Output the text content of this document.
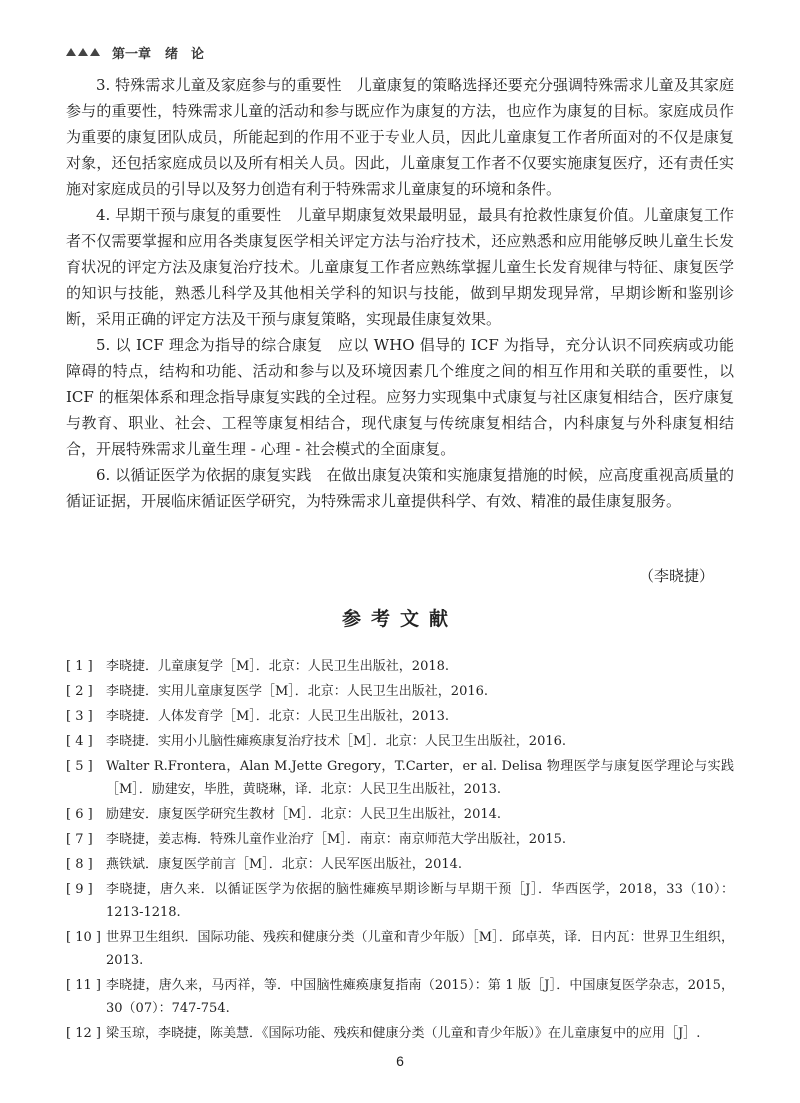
第一章 绪　论

3. 特殊需求儿童及家庭参与的重要性　儿童康复的策略选择还要充分强调特殊需求儿童及其家庭参与的重要性，特殊需求儿童的活动和参与既应作为康复的方法，也应作为康复的目标。家庭成员作为重要的康复团队成员，所能起到的作用不亚于专业人员，因此儿童康复工作者所面对的不仅是康复对象，还包括家庭成员以及所有相关人员。因此，儿童康复工作者不仅要实施康复医疗，还有责任实施对家庭成员的引导以及努力创造有利于特殊需求儿童康复的环境和条件。

4. 早期干预与康复的重要性　儿童早期康复效果最明显，最具有抢救性康复价值。儿童康复工作者不仅需要掌握和应用各类康复医学相关评定方法与治疗技术，还应熟悉和应用能够反映儿童生长发育状况的评定方法及康复治疗技术。儿童康复工作者应熟练掌握儿童生长发育规律与特征、康复医学的知识与技能，熟悉儿科学及其他相关学科的知识与技能，做到早期发现异常，早期诊断和鉴别诊断，采用正确的评定方法及干预与康复策略，实现最佳康复效果。

5. 以 ICF 理念为指导的综合康复　应以 WHO 倡导的 ICF 为指导，充分认识不同疾病或功能障碍的特点，结构和功能、活动和参与以及环境因素几个维度之间的相互作用和关联的重要性，以 ICF 的框架体系和理念指导康复实践的全过程。应努力实现集中式康复与社区康复相结合，医疗康复与教育、职业、社会、工程等康复相结合，现代康复与传统康复相结合，内科康复与外科康复相结合，开展特殊需求儿童生理 - 心理 - 社会模式的全面康复。

6. 以循证医学为依据的康复实践　在做出康复决策和实施康复措施的时候，应高度重视高质量的循证证据，开展临床循证医学研究，为特殊需求儿童提供科学、有效、精准的最佳康复服务。

（李晓捷）
参考文献
[ 1 ]	李晓捷．儿童康复学［M］．北京：人民卫生出版社，2018.
[ 2 ]	李晓捷．实用儿童康复医学［M］．北京：人民卫生出版社，2016.
[ 3 ]	李晓捷．人体发育学［M］．北京：人民卫生出版社，2013.
[ 4 ]	李晓捷．实用小儿脑性瘫痪康复治疗技术［M］．北京：人民卫生出版社，2016.
[ 5 ]	Walter R.Frontera，Alan M.Jette Gregory，T.Carter，er al. Delisa 物理医学与康复医学理论与实践［M］．励建安，毕胜，黄晓琳，译．北京：人民卫生出版社，2013.
[ 6 ]	励建安．康复医学研究生教材［M］．北京：人民卫生出版社，2014.
[ 7 ]	李晓捷，姜志梅．特殊儿童作业治疗［M］．南京：南京师范大学出版社，2015.
[ 8 ]	燕铁斌．康复医学前言［M］．北京：人民军医出版社，2014.
[ 9 ]	李晓捷，唐久来．以循证医学为依据的脑性瘫痪早期诊断与早期干预［J］．华西医学，2018，33（10）：1213-1218.
[ 10 ] 世界卫生组织．国际功能、残疾和健康分类（儿童和青少年版）［M］．邱卓英，译．日内瓦：世界卫生组织，2013.
[ 11 ] 李晓捷，唐久来，马丙祥，等．中国脑性瘫痪康复指南（2015）：第 1 版［J］．中国康复医学杂志，2015，30（07）：747-754.
[ 12 ] 梁玉琼，李晓捷，陈美慧．《国际功能、残疾和健康分类（儿童和青少年版）》在儿童康复中的应用［J］.
6
